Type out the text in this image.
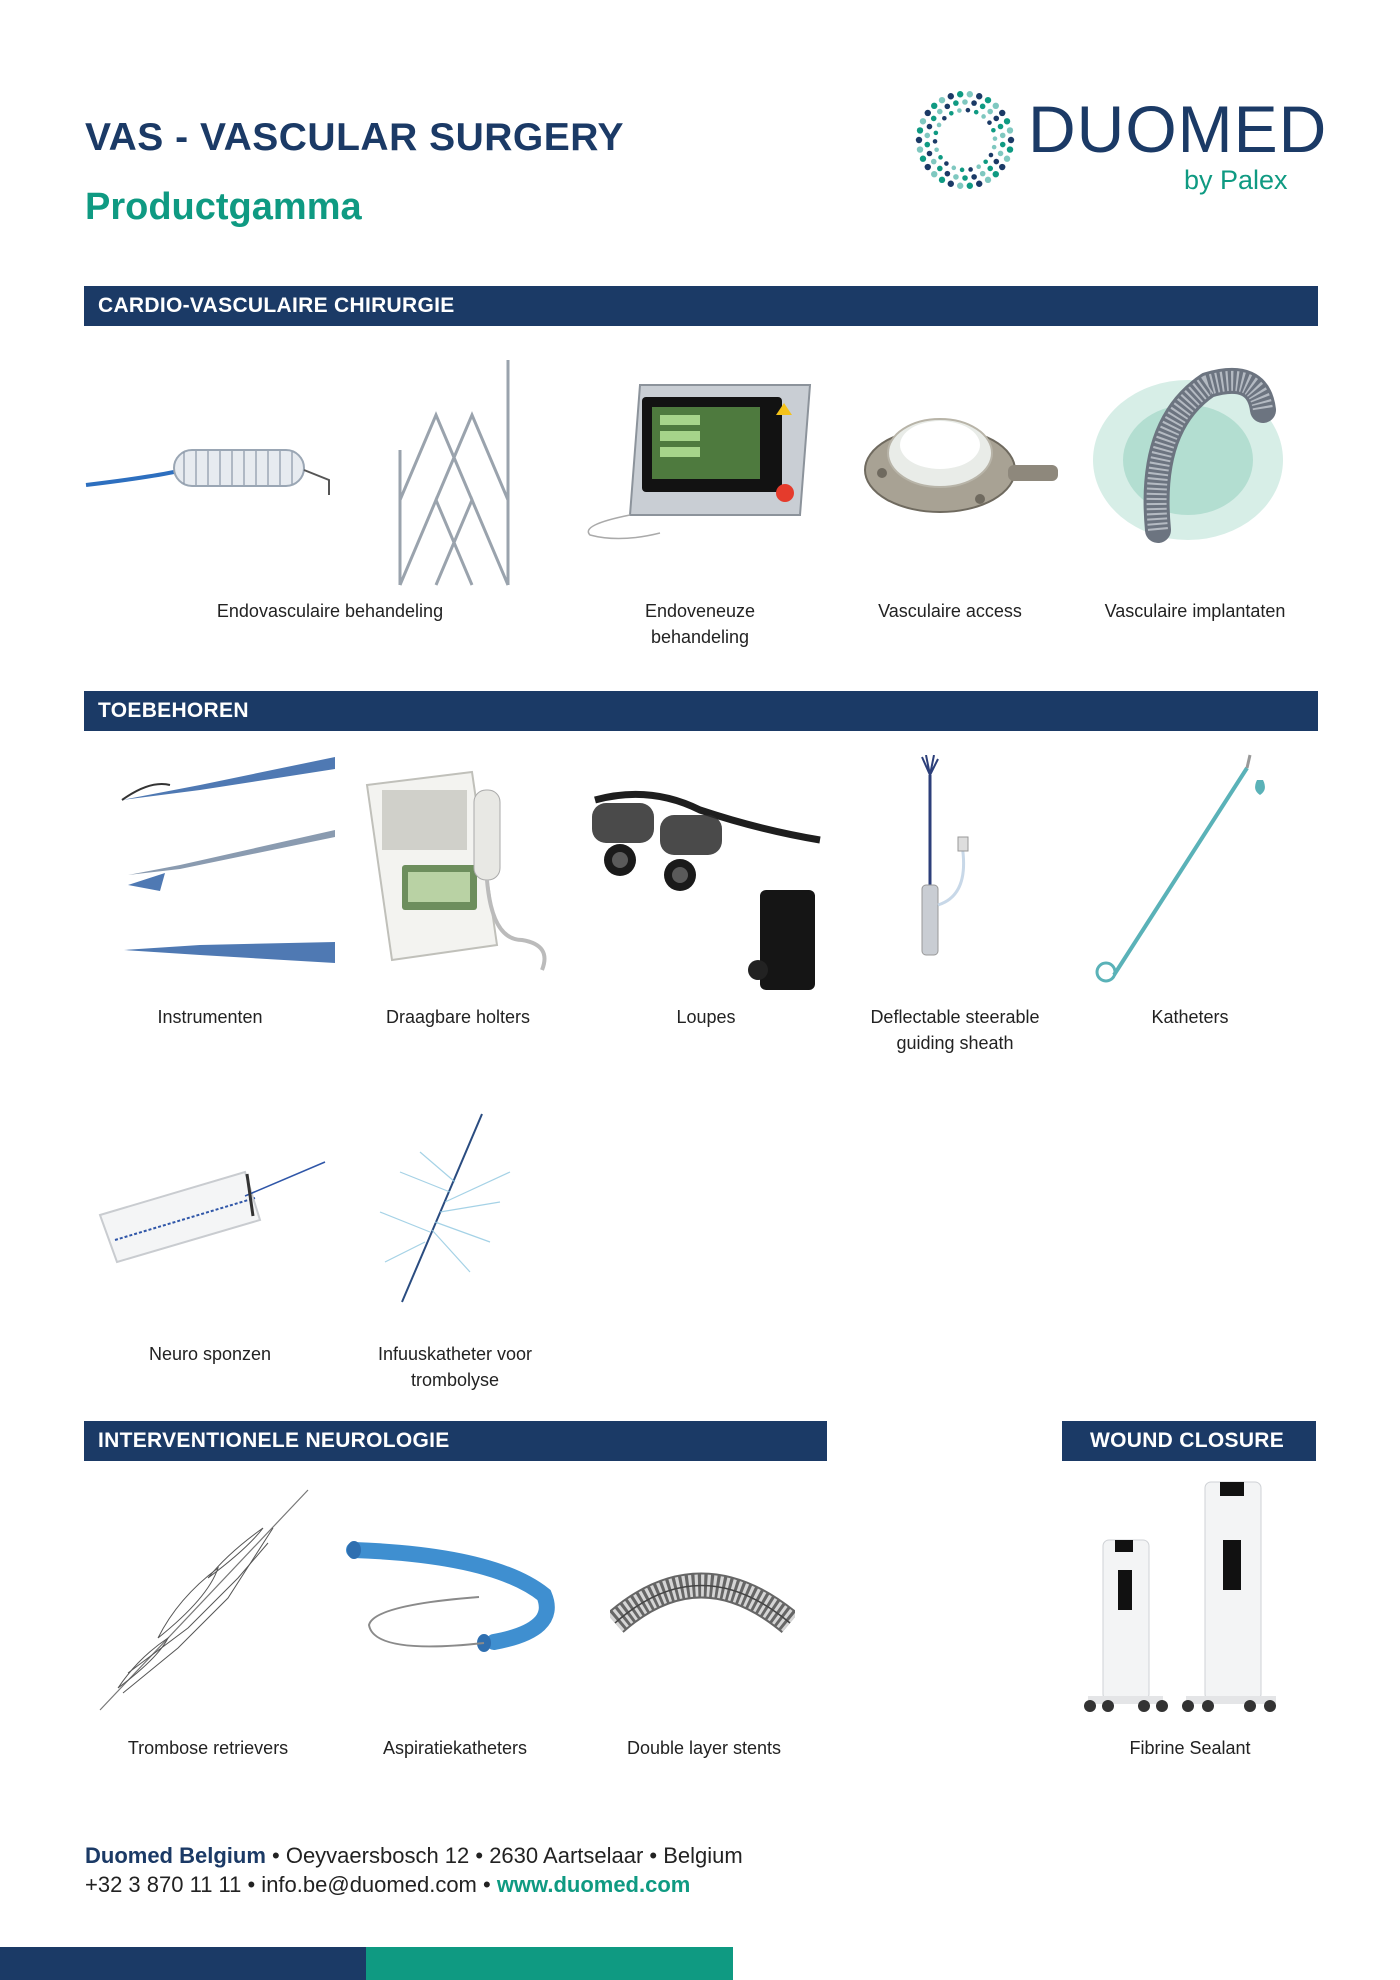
VAS - VASCULAR SURGERY
Productgamma
DUOMED
by Palex
CARDIO-VASCULAIRE CHIRURGIE
Endovasculaire behandeling	Endoveneuze behandeling
Vasculaire access	Vasculaire implantaten
TOEBEHOREN
Instrumenten	Draagbare holters	Loupes	Deflectable steerable guiding sheath
Katheters
Neuro sponzen	Infuuskatheter voor trombolyse
INTERVENTIONELE NEUROLOGIE
Trombose retrievers	Aspiratiekatheters	Double layer stents
WOUND CLOSURE
Fibrine Sealant
Duomed Belgium • Oeyvaersbosch 12 • 2630 Aartselaar • Belgium
+32 3 870 11 11 • info.be@duomed.com • www.duomed.com
